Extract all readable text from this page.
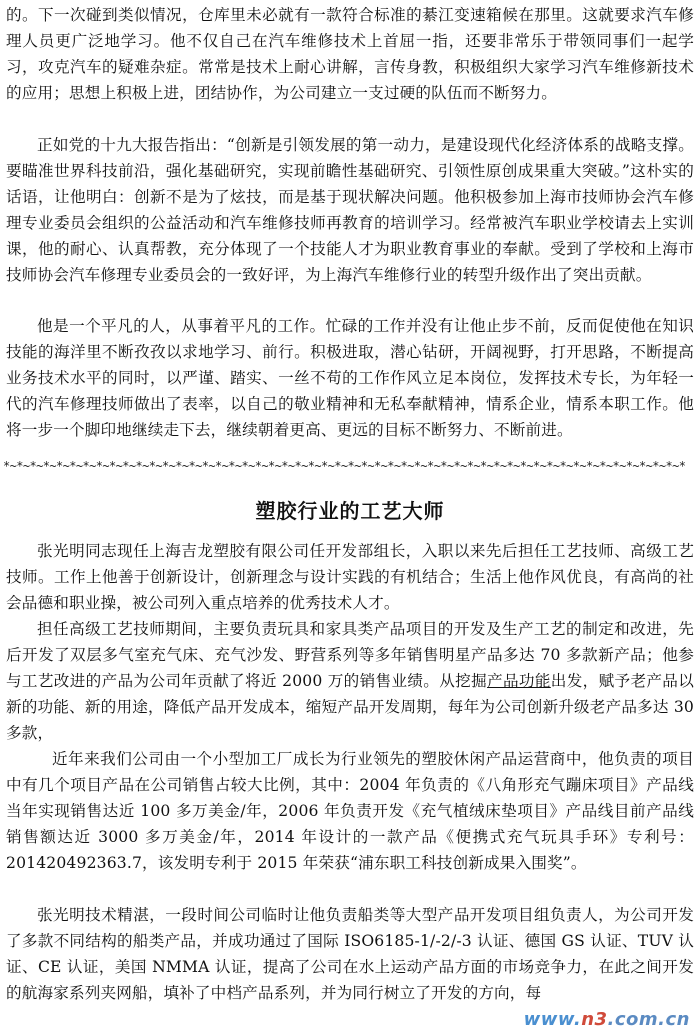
的。下一次碰到类似情况，仓库里未必就有一款符合标准的綦江变速箱候在那里。这就要求汽车修理人员更广泛地学习。他不仅自己在汽车维修技术上首屈一指，还要非常乐于带领同事们一起学习，攻克汽车的疑难杂症。常常是技术上耐心讲解，言传身教，积极组织大家学习汽车维修新技术的应用；思想上积极上进，团结协作，为公司建立一支过硬的队伍而不断努力。

正如党的十九大报告指出：“创新是引领发展的第一动力，是建设现代化经济体系的战略支撑。要瞄准世界科技前沿，强化基础研究，实现前瞻性基础研究、引领性原创成果重大突破。”这朴实的话语，让他明白：创新不是为了炫技，而是基于现状解决问题。他积极参加上海市技师协会汽车修理专业委员会组织的公益活动和汽车维修技师再教育的培训学习。经常被汽车职业学校请去上实训课，他的耐心、认真帮教，充分体现了一个技能人才为职业教育事业的奉献。受到了学校和上海市技师协会汽车修理专业委员会的一致好评，为上海汽车维修行业的转型升级作出了突出贡献。

他是一个平凡的人，从事着平凡的工作。忙碌的工作并没有让他止步不前，反而促使他在知识技能的海洋里不断孜孜以求地学习、前行。积极进取，潜心钻研，开阔视野，打开思路，不断提高业务技术水平的同时，以严谨、踏实、一丝不苟的工作作风立足本岗位，发挥技术专长，为年轻一代的汽车修理技师做出了表率，以自己的敬业精神和无私奉献精神，情系企业，情系本职工作。他将一步一个脚印地继续走下去，继续朝着更高、更远的目标不断努力、不断前进。

*~*~*~*~*~*~*~*~*~*~*~*~*~*~*~*~*~*~*~*~*~*~*~*~*~*~*~*~*~*~*~*~*~*~*~*~*~*~*~*~*~*~*~*~*~*~*~*~*~*~*~*
塑胶行业的工艺大师

张光明同志现任上海吉龙塑胶有限公司任开发部组长，入职以来先后担任工艺技师、高级工艺技师。工作上他善于创新设计，创新理念与设计实践的有机结合；生活上他作风优良，有高尚的社会品德和职业操，被公司列入重点培养的优秀技术人才。

担任高级工艺技师期间，主要负责玩具和家具类产品项目的开发及生产工艺的制定和改进，先后开发了双层多气室充气床、充气沙发、野营系列等多年销售明星产品多达 70 多款新产品；他参与工艺改进的产品为公司年贡献了将近 2000 万的销售业绩。从挖掘产品功能出发，赋予老产品以新的功能、新的用途，降低产品开发成本，缩短产品开发周期，每年为公司创新升级老产品多达 30 多款，

近年来我们公司由一个小型加工厂成长为行业领先的塑胶休闲产品运营商中，他负责的项目中有几个项目产品在公司销售占较大比例，其中：2004 年负责的《八角形充气蹦床项目》产品线当年实现销售达近 100 多万美金/年，2006 年负责开发《充气植绒床垫项目》产品线目前产品线销售额达近 3000 多万美金/年，2014 年设计的一款产品《便携式充气玩具手环》专利号：201420492363.7，该发明专利于 2015 年荣获“浦东职工科技创新成果入围奖”。

张光明技术精湛，一段时间公司临时让他负责船类等大型产品开发项目组负责人，为公司开发了多款不同结构的船类产品，并成功通过了国际 ISO6185-1/-2/-3 认证、德国 GS 认证、TUV 认证、CE 认证，美国 NMMA 认证，提高了公司在水上运动产品方面的市场竞争力，在此之间开发的航海家系列夹网船，填补了中档产品系列，并为同行树立了开发的方向，每

www.n3.com.cn
